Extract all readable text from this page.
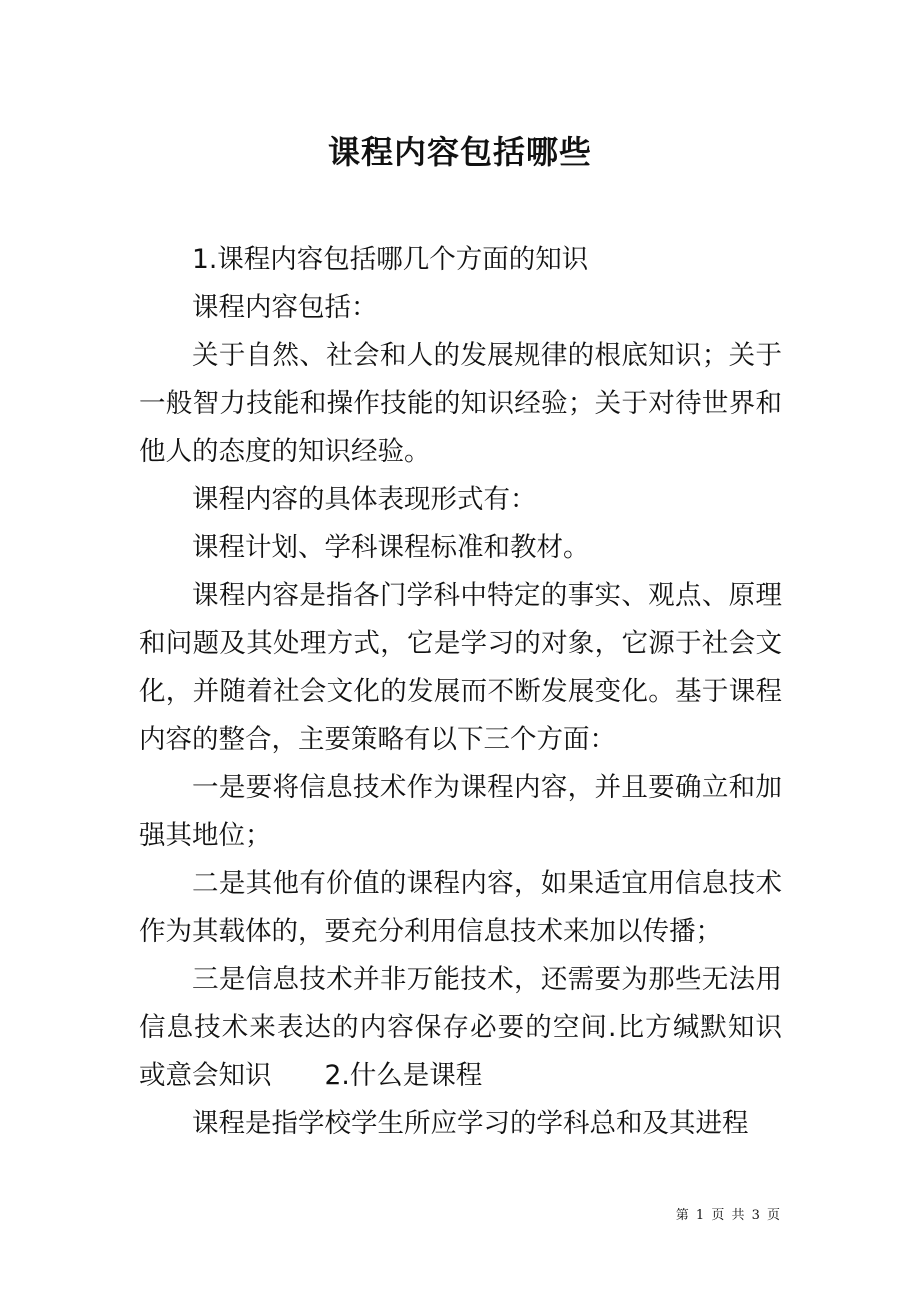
课程内容包括哪些

1.课程内容包括哪几个方面的知识

课程内容包括：

关于自然、社会和人的发展规律的根底知识；关于一般智力技能和操作技能的知识经验；关于对待世界和他人的态度的知识经验。

课程内容的具体表现形式有：

课程计划、学科课程标准和教材。

课程内容是指各门学科中特定的事实、观点、原理和问题及其处理方式，它是学习的对象，它源于社会文化，并随着社会文化的发展而不断发展变化。基于课程内容的整合，主要策略有以下三个方面：

一是要将信息技术作为课程内容，并且要确立和加强其地位；

二是其他有价值的课程内容，如果适宜用信息技术作为其载体的，要充分利用信息技术来加以传播；

三是信息技术并非万能技术，还需要为那些无法用信息技术来表达的内容保存必要的空间.比方缄默知识或意会知识　　2.什么是课程

课程是指学校学生所应学习的学科总和及其进程

第 1 页 共 3 页
